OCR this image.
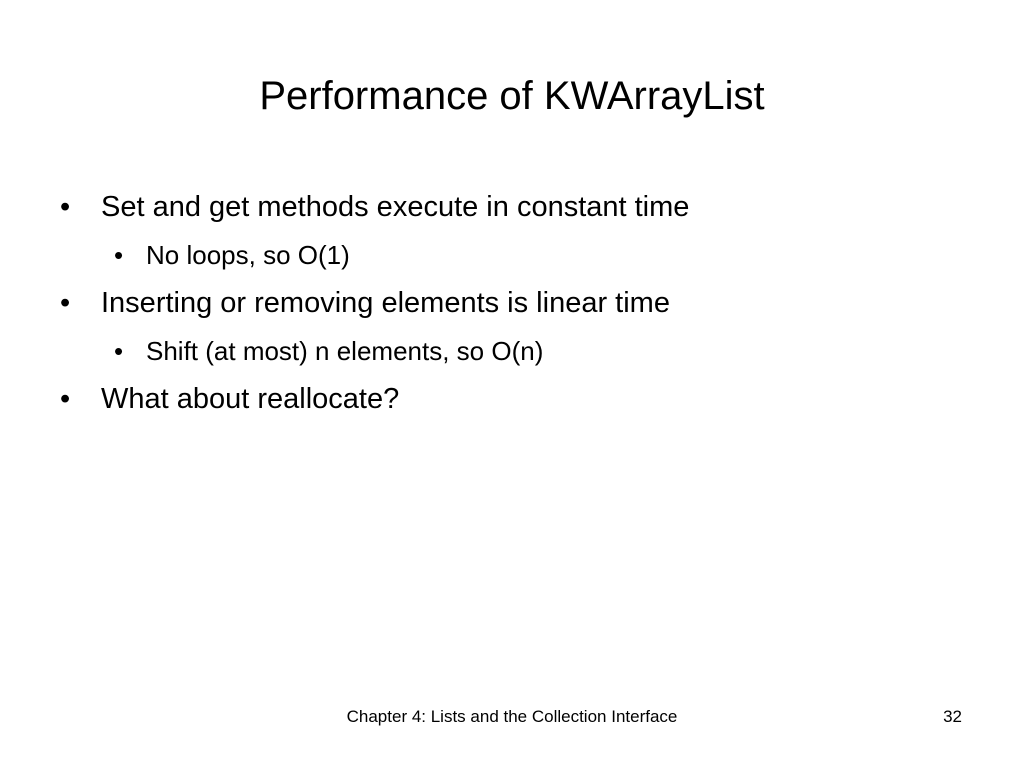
Performance of KWArrayList
• Set and get methods execute in constant time
• No loops, so O(1)
• Inserting or removing elements is linear time
• Shift (at most) n elements, so O(n)
• What about reallocate?

Chapter 4: Lists and the Collection Interface	32
